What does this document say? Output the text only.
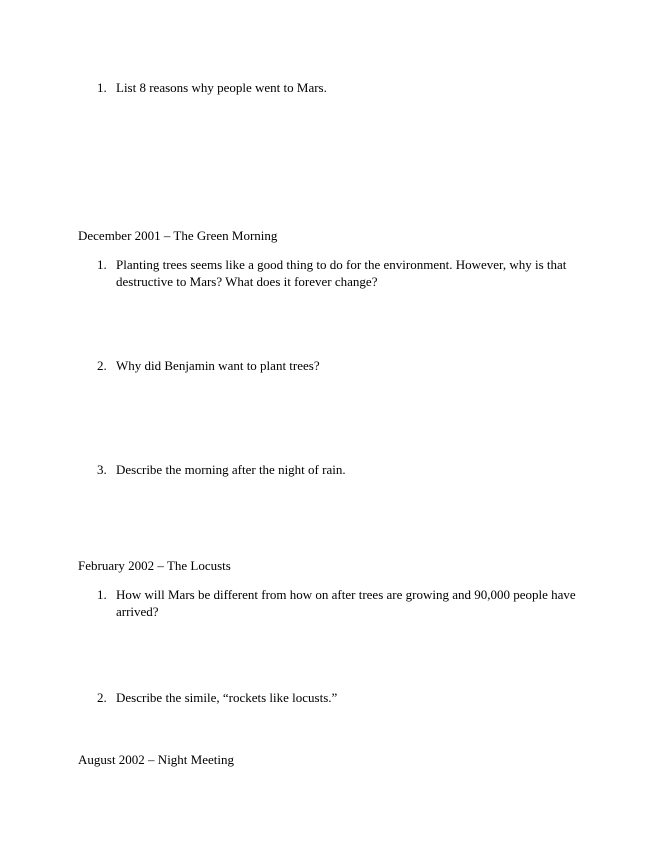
1. List 8 reasons why people went to Mars.
December 2001 – The Green Morning
1. Planting trees seems like a good thing to do for the environment. However, why is that destructive to Mars? What does it forever change?
2. Why did Benjamin want to plant trees?
3. Describe the morning after the night of rain.
February 2002 – The Locusts
1. How will Mars be different from how on after trees are growing and 90,000 people have arrived?
2. Describe the simile, “rockets like locusts.”
August 2002 – Night Meeting
